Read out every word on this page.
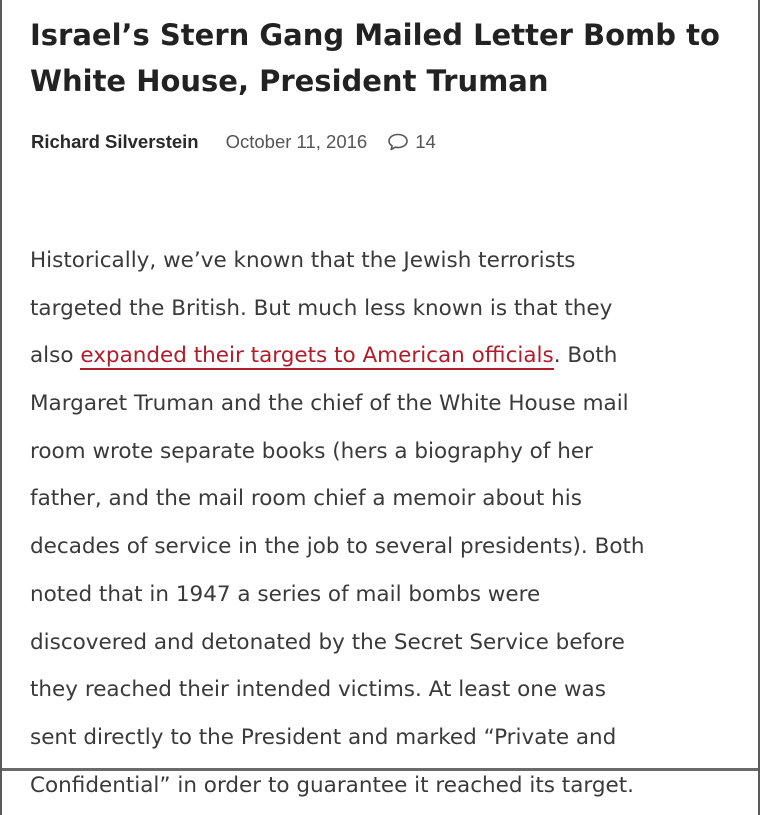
Israel’s Stern Gang Mailed Letter Bomb to
White House, President Truman
Richard Silverstein October 11, 2016	14
Historically, we’ve known that the Jewish terrorists
targeted the British. But much less known is that they
also expanded their targets to American officials. Both
Margaret Truman and the chief of the White House mail
room wrote separate books (hers a biography of her
father, and the mail room chief a memoir about his
decades of service in the job to several presidents). Both
noted that in 1947 a series of mail bombs were
discovered and detonated by the Secret Service before
they reached their intended victims. At least one was
sent directly to the President and marked “Private and
Confidential” in order to guarantee it reached its target.
